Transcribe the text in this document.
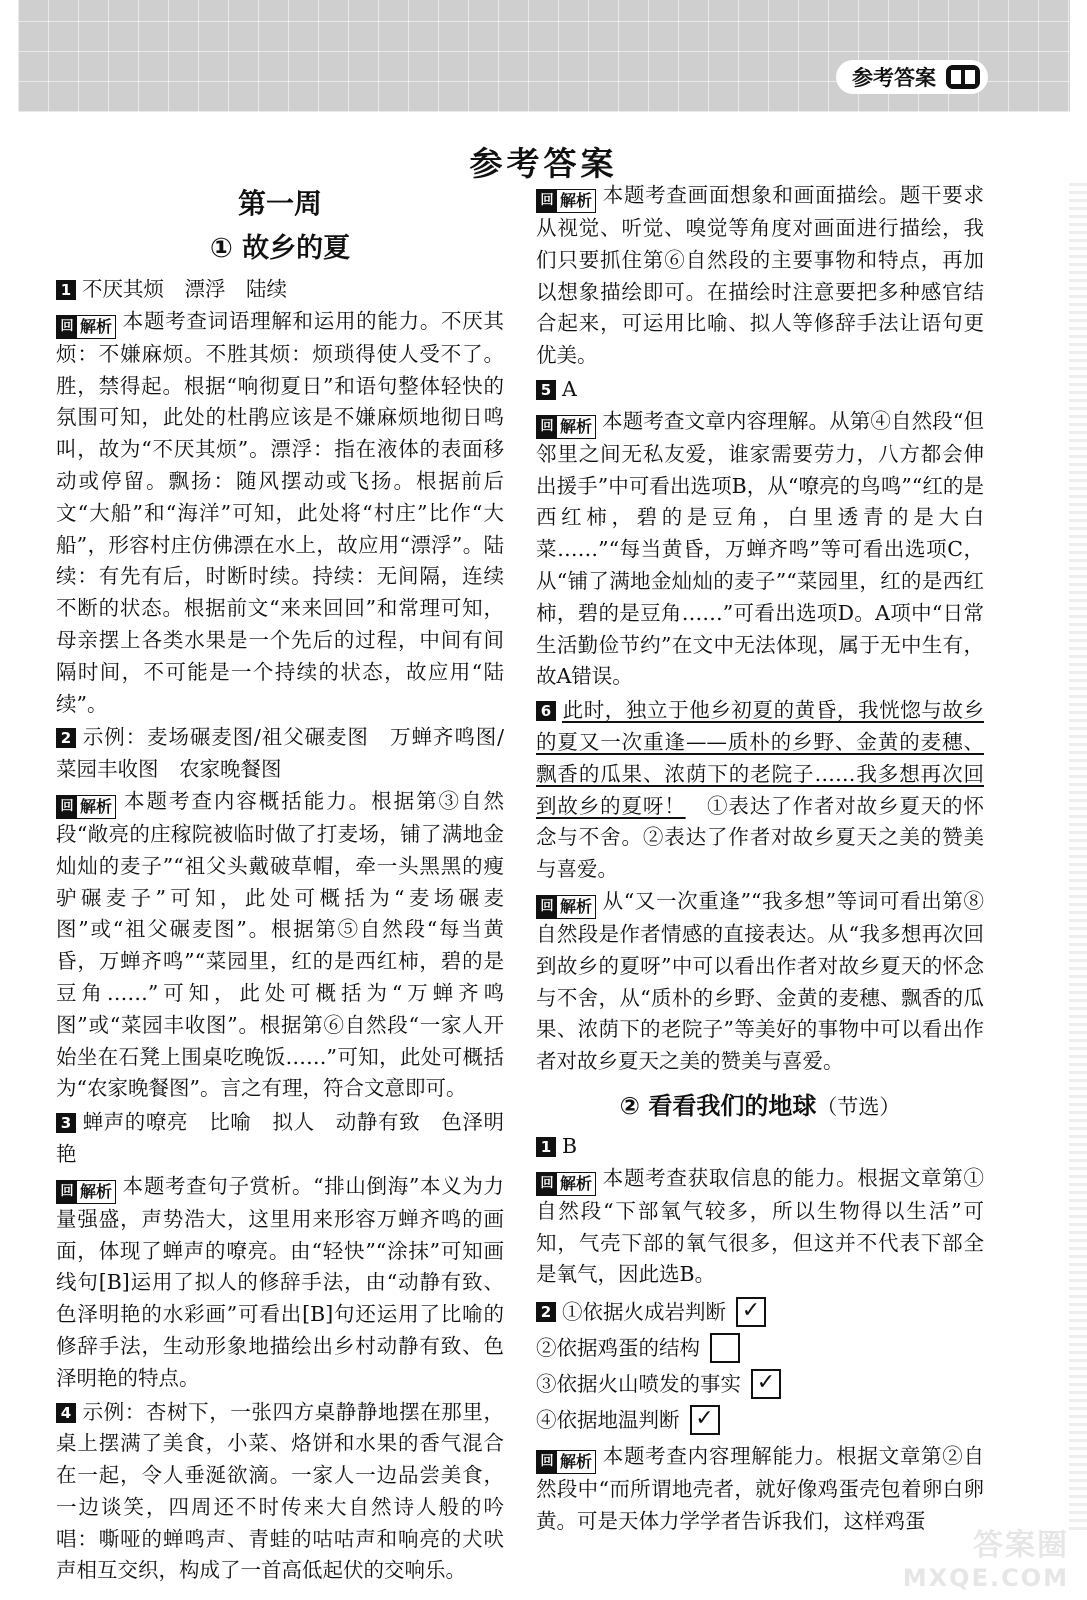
参考答案
参考答案
第一周
① 故乡的夏

1 不厌其烦　漂浮　陆续

回 解析 本题考查词语理解和运用的能力。不厌其烦：不嫌麻烦。不胜其烦：烦琐得使人受不了。胜，禁得起。根据“响彻夏日”和语句整体轻快的氛围可知，此处的杜鹃应该是不嫌麻烦地彻日鸣叫，故为“不厌其烦”。漂浮：指在液体的表面移动或停留。飘扬：随风摆动或飞扬。根据前后文“大船”和“海洋”可知，此处将“村庄”比作“大船”，形容村庄仿佛漂在水上，故应用“漂浮”。陆续：有先有后，时断时续。持续：无间隔，连续不断的状态。根据前文“来来回回”和常理可知，母亲摆上各类水果是一个先后的过程，中间有间隔时间，不可能是一个持续的状态，故应用“陆续”。

2 示例：麦场碾麦图/祖父碾麦图　万蝉齐鸣图/菜园丰收图　农家晚餐图

回 解析 本题考查内容概括能力。根据第③自然段“敞亮的庄稼院被临时做了打麦场，铺了满地金灿灿的麦子”“祖父头戴破草帽，牵一头黑黑的瘦驴碾麦子”可知，此处可概括为“麦场碾麦图”或“祖父碾麦图”。根据第⑤自然段“每当黄昏，万蝉齐鸣”“菜园里，红的是西红柿，碧的是豆角……”可知，此处可概括为“万蝉齐鸣图”或“菜园丰收图”。根据第⑥自然段“一家人开始坐在石凳上围桌吃晚饭……”可知，此处可概括为“农家晚餐图”。言之有理，符合文意即可。

3 蝉声的嘹亮　比喻　拟人　动静有致　色泽明艳

回 解析 本题考查句子赏析。“排山倒海”本义为力量强盛，声势浩大，这里用来形容万蝉齐鸣的画面，体现了蝉声的嘹亮。由“轻快”“涂抹”可知画线句[B]运用了拟人的修辞手法，由“动静有致、色泽明艳的水彩画”可看出[B]句还运用了比喻的修辞手法，生动形象地描绘出乡村动静有致、色泽明艳的特点。

4 示例：杏树下，一张四方桌静静地摆在那里，桌上摆满了美食，小菜、烙饼和水果的香气混合在一起，令人垂涎欲滴。一家人一边品尝美食，一边谈笑，四周还不时传来大自然诗人般的吟唱：嘶哑的蝉鸣声、青蛙的咕咕声和响亮的犬吠声相互交织，构成了一首高低起伏的交响乐。

回 解析 本题考查画面想象和画面描绘。题干要求从视觉、听觉、嗅觉等角度对画面进行描绘，我们只要抓住第⑥自然段的主要事物和特点，再加以想象描绘即可。在描绘时注意要把多种感官结合起来，可运用比喻、拟人等修辞手法让语句更优美。

5 A

回 解析 本题考查文章内容理解。从第④自然段“但邻里之间无私友爱，谁家需要劳力，八方都会伸出援手”中可看出选项B，从“嘹亮的鸟鸣”“红的是西红柿，碧的是豆角，白里透青的是大白菜……”“每当黄昏，万蝉齐鸣”等可看出选项C，从“铺了满地金灿灿的麦子”“菜园里，红的是西红柿，碧的是豆角……”可看出选项D。A项中“日常生活勤俭节约”在文中无法体现，属于无中生有，故A错误。

6 此时，独立于他乡初夏的黄昏，我恍惚与故乡的夏又一次重逢——质朴的乡野、金黄的麦穗、飘香的瓜果、浓荫下的老院子……我多想再次回到故乡的夏呀！　①表达了作者对故乡夏天的怀念与不舍。②表达了作者对故乡夏天之美的赞美与喜爱。

回 解析 从“又一次重逢”“我多想”等词可看出第⑧自然段是作者情感的直接表达。从“我多想再次回到故乡的夏呀”中可以看出作者对故乡夏天的怀念与不舍，从“质朴的乡野、金黄的麦穗、飘香的瓜果、浓荫下的老院子”等美好的事物中可以看出作者对故乡夏天之美的赞美与喜爱。

② 看看我们的地球（节选）

1 B

回 解析 本题考查获取信息的能力。根据文章第①自然段“下部氧气较多，所以生物得以生活”可知，气壳下部的氧气很多，但这并不代表下部全是氧气，因此选B。

2 ①依据火成岩判断 ✓
②依据鸡蛋的结构
③依据火山喷发的事实 ✓
④依据地温判断 ✓

回 解析 本题考查内容理解能力。根据文章第②自然段中“而所谓地壳者，就好像鸡蛋壳包着卵白卵黄。可是天体力学学者告诉我们，这样鸡蛋

答案圈
MXQE.COM
